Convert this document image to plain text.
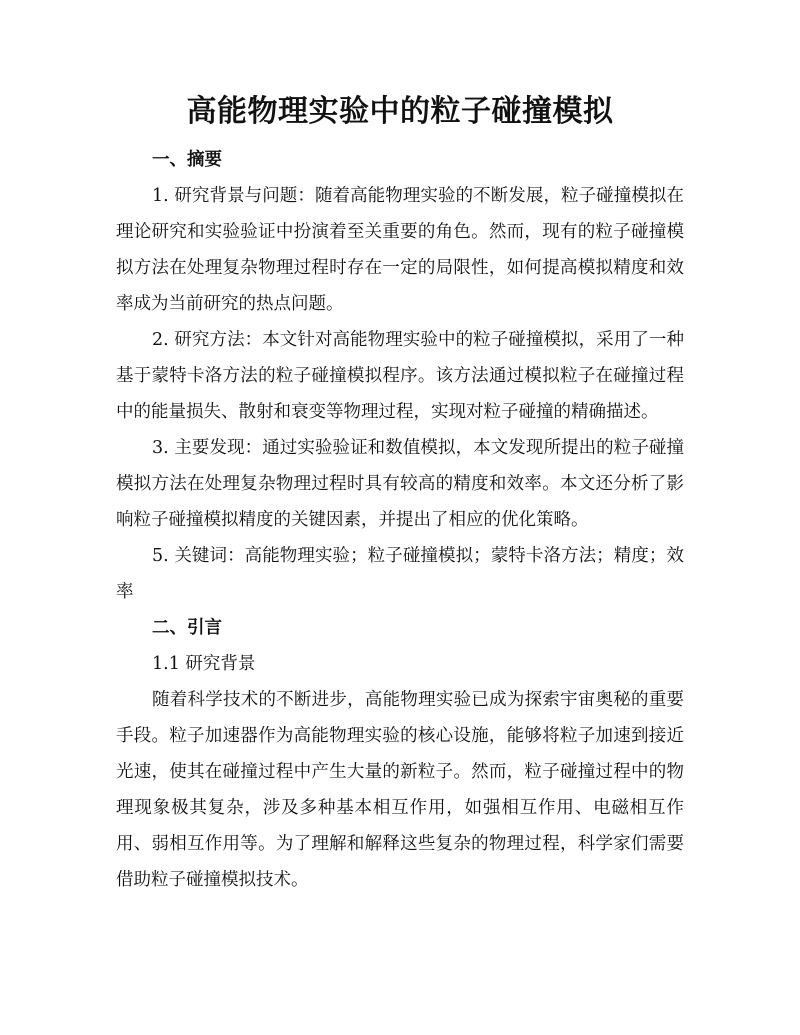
高能物理实验中的粒子碰撞模拟
一、摘要

1. 研究背景与问题：随着高能物理实验的不断发展，粒子碰撞模拟在理论研究和实验验证中扮演着至关重要的角色。然而，现有的粒子碰撞模拟方法在处理复杂物理过程时存在一定的局限性，如何提高模拟精度和效率成为当前研究的热点问题。

2. 研究方法：本文针对高能物理实验中的粒子碰撞模拟，采用了一种基于蒙特卡洛方法的粒子碰撞模拟程序。该方法通过模拟粒子在碰撞过程中的能量损失、散射和衰变等物理过程，实现对粒子碰撞的精确描述。

3. 主要发现：通过实验验证和数值模拟，本文发现所提出的粒子碰撞模拟方法在处理复杂物理过程时具有较高的精度和效率。本文还分析了影响粒子碰撞模拟精度的关键因素，并提出了相应的优化策略。

5. 关键词：高能物理实验；粒子碰撞模拟；蒙特卡洛方法；精度；效率

二、引言

1.1 研究背景

随着科学技术的不断进步，高能物理实验已成为探索宇宙奥秘的重要手段。粒子加速器作为高能物理实验的核心设施，能够将粒子加速到接近光速，使其在碰撞过程中产生大量的新粒子。然而，粒子碰撞过程中的物理现象极其复杂，涉及多种基本相互作用，如强相互作用、电磁相互作用、弱相互作用等。为了理解和解释这些复杂的物理过程，科学家们需要借助粒子碰撞模拟技术。
